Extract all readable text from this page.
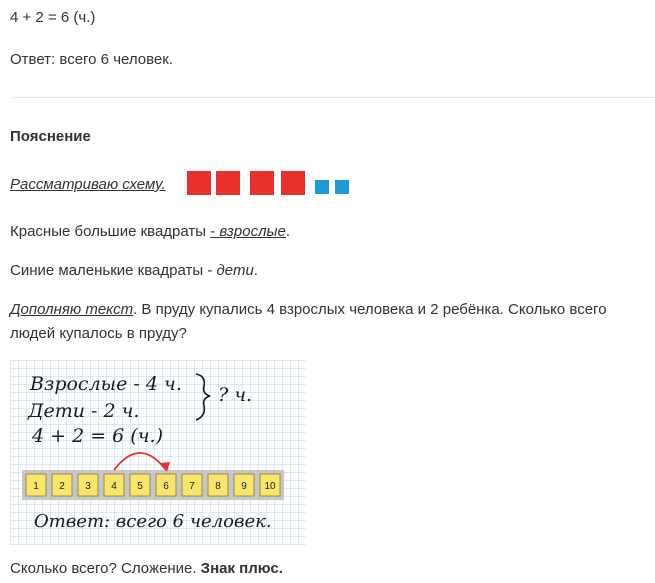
4 + 2 = 6 (ч.)
Ответ: всего 6 человек.
Пояснение
Рассматриваю схему.
Красные большие квадраты - взрослые.
Синие маленькие квадраты - дети.
Дополняю текст. В пруду купались 4 взрослых человека и 2 ребёнка. Сколько всего людей купалось в пруду?
Взрослые - 4 ч.
Дети - 2 ч.
? ч.
4 + 2 = 6 (ч.)
1 2 3 4 5 6 7 8 9 10
Ответ: всего 6 человек.
Сколько всего? Сложение. Знак плюс.
